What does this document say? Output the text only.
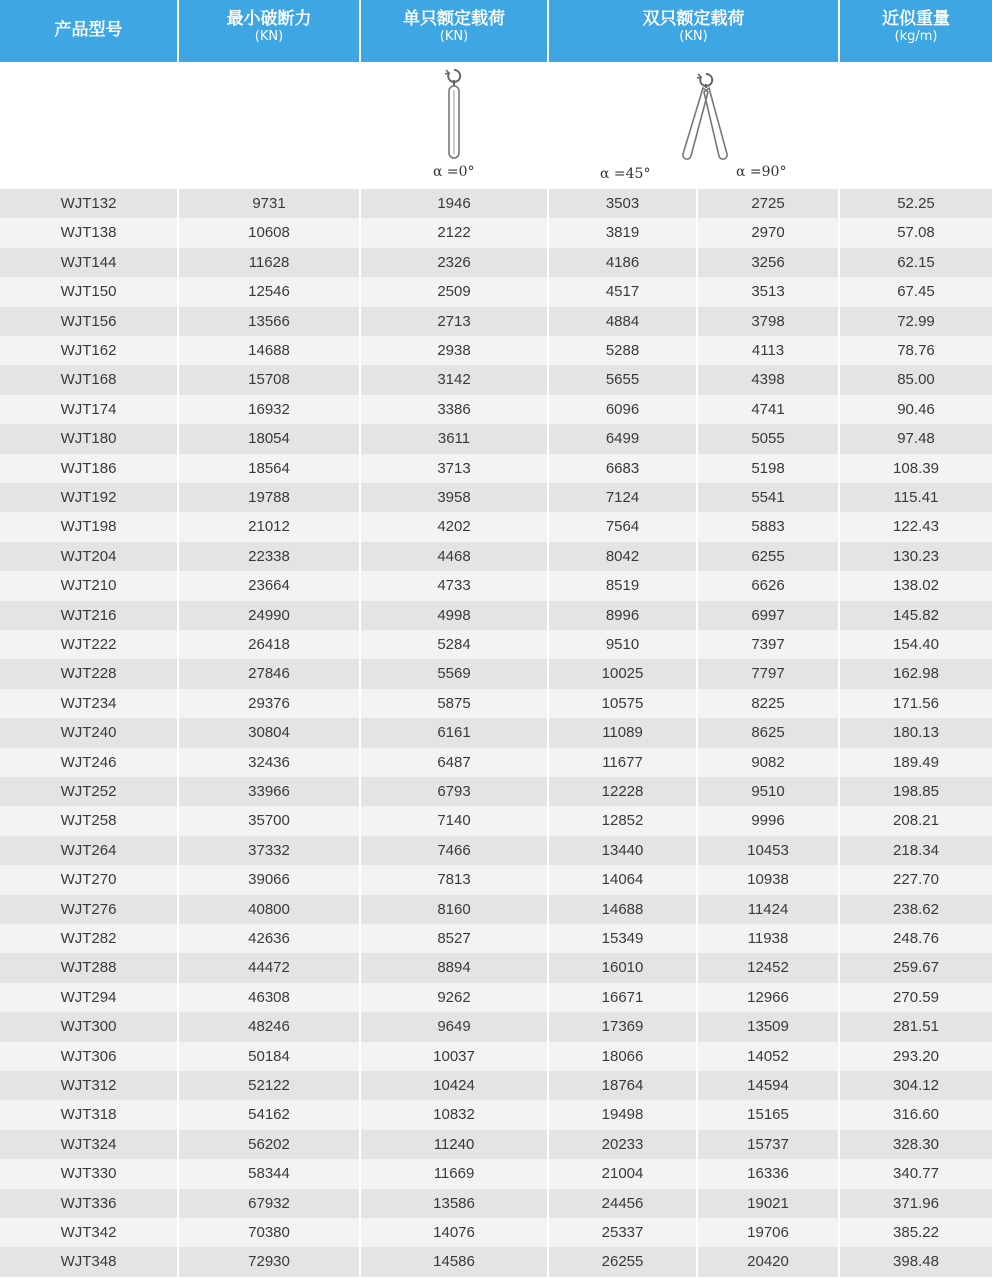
产品型号
最小破断力
(KN)
单只额定载荷
(KN)
双只额定载荷
(KN)
近似重量
(kg/m)
α =0°	α =45°	α =90°
WJT132	9731	1946	3503	2725	52.25
WJT138	10608	2122	3819	2970	57.08
WJT144	11628	2326	4186	3256	62.15
WJT150	12546	2509	4517	3513	67.45
WJT156	13566	2713	4884	3798	72.99
WJT162	14688	2938	5288	4113	78.76
WJT168	15708	3142	5655	4398	85.00
WJT174	16932	3386	6096	4741	90.46
WJT180	18054	3611	6499	5055	97.48
WJT186	18564	3713	6683	5198	108.39
WJT192	19788	3958	7124	5541	115.41
WJT198	21012	4202	7564	5883	122.43
WJT204	22338	4468	8042	6255	130.23
WJT210	23664	4733	8519	6626	138.02
WJT216	24990	4998	8996	6997	145.82
WJT222	26418	5284	9510	7397	154.40
WJT228	27846	5569	10025	7797	162.98
WJT234	29376	5875	10575	8225	171.56
WJT240	30804	6161	11089	8625	180.13
WJT246	32436	6487	11677	9082	189.49
WJT252	33966	6793	12228	9510	198.85
WJT258	35700	7140	12852	9996	208.21
WJT264	37332	7466	13440	10453	218.34
WJT270	39066	7813	14064	10938	227.70
WJT276	40800	8160	14688	11424	238.62
WJT282	42636	8527	15349	11938	248.76
WJT288	44472	8894	16010	12452	259.67
WJT294	46308	9262	16671	12966	270.59
WJT300	48246	9649	17369	13509	281.51
WJT306	50184	10037	18066	14052	293.20
WJT312	52122	10424	18764	14594	304.12
WJT318	54162	10832	19498	15165	316.60
WJT324	56202	11240	20233	15737	328.30
WJT330	58344	11669	21004	16336	340.77
WJT336	67932	13586	24456	19021	371.96
WJT342	70380	14076	25337	19706	385.22
WJT348	72930	14586	26255	20420	398.48
